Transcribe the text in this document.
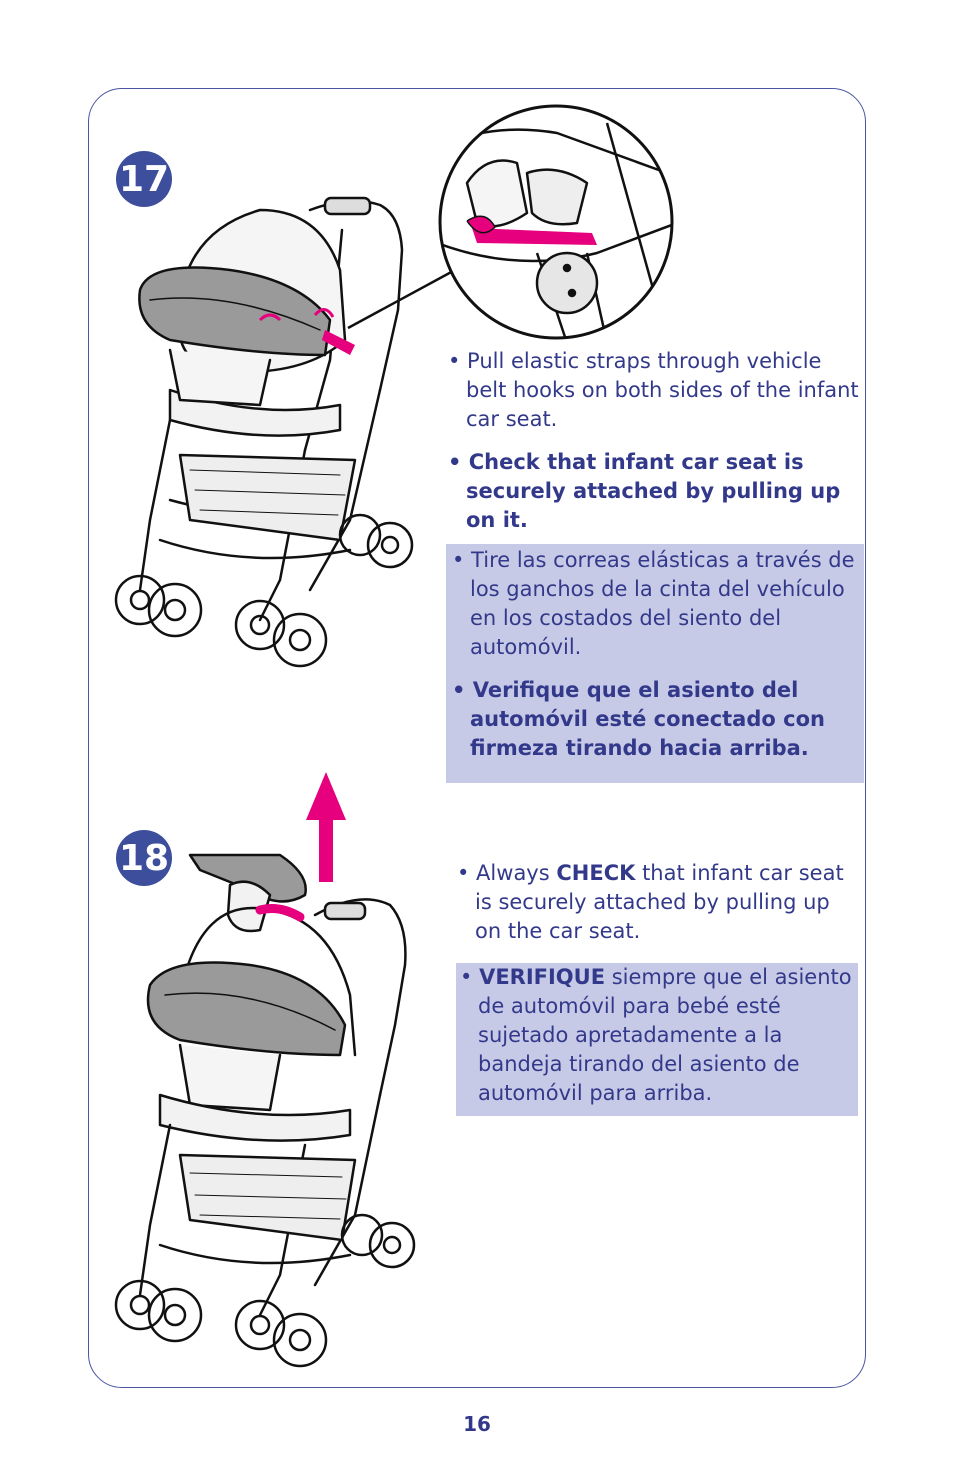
17

• Pull elastic straps through vehicle belt hooks on both sides of the infant car seat.

• Check that infant car seat is securely attached by pulling up on it.

• Tire las correas elásticas a través de los ganchos de la cinta del vehículo en los costados del siento del automóvil.

• Verifique que el asiento del automóvil esté conectado con firmeza tirando hacia arriba.

18	• Always CHECK that infant car seat is securely attached by pulling up on the car seat.

• VERIFIQUE siempre que el asiento de automóvil para bebé esté sujetado apretadamente a la bandeja tirando del asiento de automóvil para arriba.

16
